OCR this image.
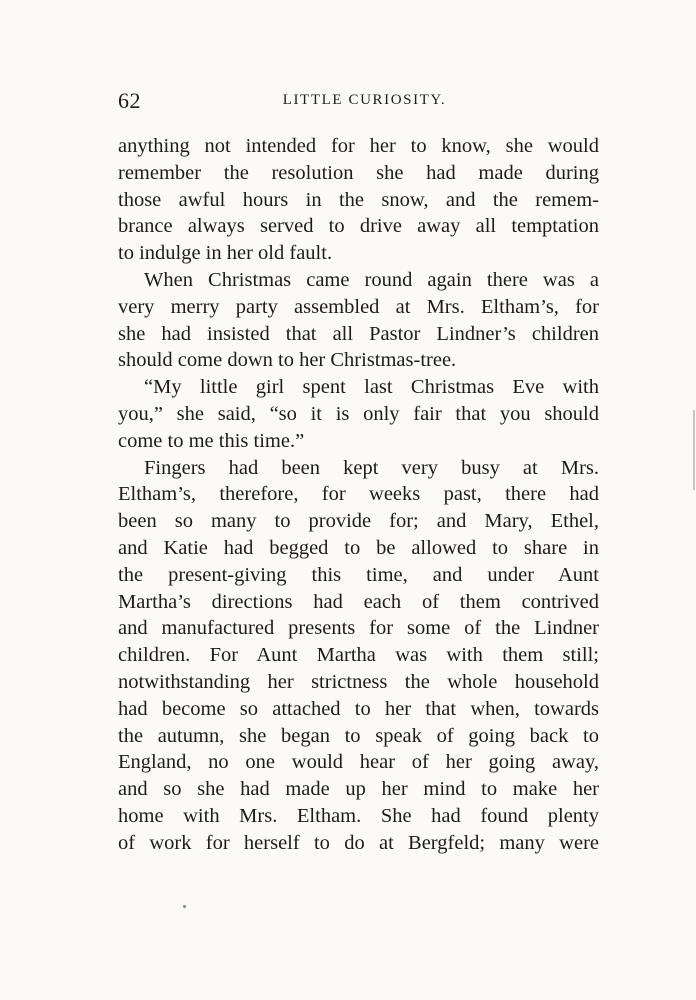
62	LITTLE CURIOSITY.
anything not intended for her to know, she would
remember the resolution she had made during
those awful hours in the snow, and the remem-
brance always served to drive away all temptation
to indulge in her old fault.
When Christmas came round again there was a
very merry party assembled at Mrs. Eltham’s, for
she had insisted that all Pastor Lindner’s children
should come down to her Christmas-tree.
“My little girl spent last Christmas Eve with
you,” she said, “so it is only fair that you should
come to me this time.”
Fingers had been kept very busy at Mrs.
Eltham’s, therefore, for weeks past, there had
been so many to provide for; and Mary, Ethel,
and Katie had begged to be allowed to share in
the present-giving this time, and under Aunt
Martha’s directions had each of them contrived
and manufactured presents for some of the Lindner
children. For Aunt Martha was with them still;
notwithstanding her strictness the whole household
had become so attached to her that when, towards
the autumn, she began to speak of going back to
England, no one would hear of her going away,
and so she had made up her mind to make her
home with Mrs. Eltham. She had found plenty
of work for herself to do at Bergfeld; many were
